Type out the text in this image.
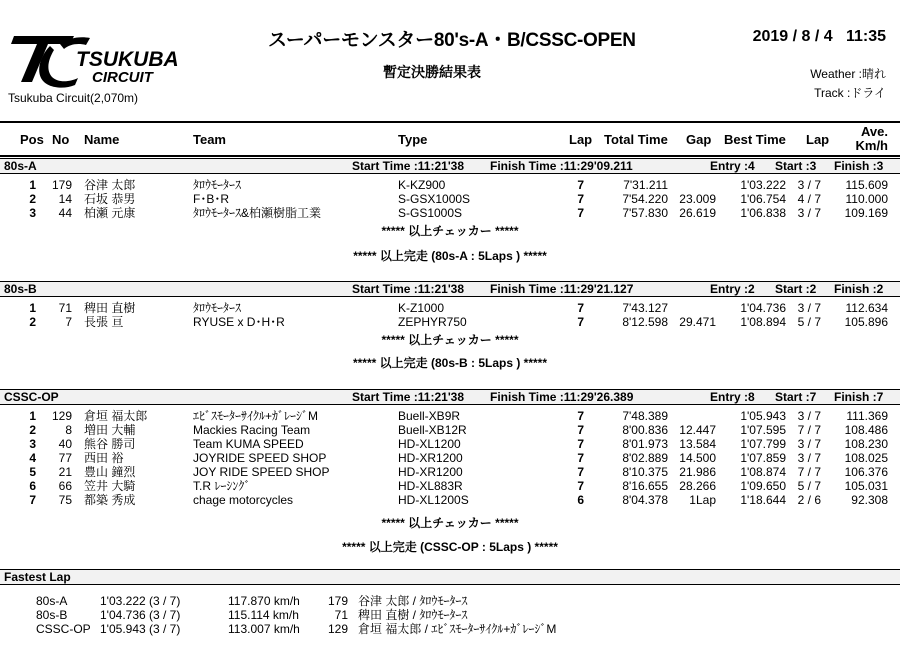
TSUKUBA
CIRCUIT
Tsukuba Circuit(2,070m)
スーパーモンスター80's-A・B/CSSC-OPEN
暫定決勝結果表
2019 / 8 / 4   11:35
Weather :晴れ
Track :ドライ
Pos No Name	Team	Type	Lap Total Time Gap Best Time Lap
Ave.
Km/h
80s-A	Start Time :11:21'38 Finish Time :11:29'09.211	Entry :4 Start :3 Finish :3
1	179 谷津 太郎	ﾀﾛｳﾓｰﾀｰｽ	K-KZ900	7	7'31.211	1'03.222 3 / 7	115.609
2	14 石坂 恭男	F･B･R	S-GSX1000S	7	7'54.220 23.009	1'06.754 4 / 7	110.000
3	44 柏瀬 元康	ﾀﾛｳﾓｰﾀｰｽ&柏瀬樹脂工業	S-GS1000S	7	7'57.830 26.619	1'06.838 3 / 7	109.169
***** 以上チェッカー *****
***** 以上完走 (80s-A : 5Laps ) *****
80s-B	Start Time :11:21'38 Finish Time :11:29'21.127	Entry :2 Start :2 Finish :2
1	71 稗田 直樹	ﾀﾛｳﾓｰﾀｰｽ	K-Z1000	7	7'43.127	1'04.736 3 / 7	112.634
2	7 長張 亘	RYUSE x D･H･R	ZEPHYR750	7	8'12.598 29.471	1'08.894 5 / 7	105.896
***** 以上チェッカー *****
***** 以上完走 (80s-B : 5Laps ) *****
CSSC-OP	Start Time :11:21'38 Finish Time :11:29'26.389	Entry :8 Start :7 Finish :7
1	129 倉垣 福太郎	ｴﾋﾞｽﾓｰﾀｰｻｲｸﾙ+ｶﾞﾚｰｼﾞM	Buell-XB9R	7	7'48.389	1'05.943 3 / 7	111.369
2	8 増田 大輔	Mackies Racing Team	Buell-XB12R	7	8'00.836 12.447	1'07.595 7 / 7	108.486
3	40 熊谷 勝司	Team KUMA SPEED	HD-XL1200	7	8'01.973 13.584	1'07.799 3 / 7	108.230
4	77 西田 裕	JOYRIDE SPEED SHOP	HD-XR1200	7	8'02.889 14.500	1'07.859 3 / 7	108.025
5	21 豊山 鐘烈	JOY RIDE SPEED SHOP	HD-XR1200	7	8'10.375 21.986	1'08.874 7 / 7	106.376
6	66 笠井 大騎	T.R ﾚｰｼﾝｸﾞ	HD-XL883R	7	8'16.655 28.266	1'09.650 5 / 7	105.031
7	75 都築 秀成	chage motorcycles	HD-XL1200S	6	8'04.378	1Lap	1'18.644 2 / 6	92.308
***** 以上チェッカー *****
***** 以上完走 (CSSC-OP : 5Laps ) *****
Fastest Lap
80s-A	1'03.222 (3 / 7)	117.870 km/h	179 谷津 太郎 / ﾀﾛｳﾓｰﾀｰｽ
80s-B	1'04.736 (3 / 7)	115.114 km/h	71 稗田 直樹 / ﾀﾛｳﾓｰﾀｰｽ
CSSC-OP 1'05.943 (3 / 7)	113.007 km/h	129 倉垣 福太郎 / ｴﾋﾞｽﾓｰﾀｰｻｲｸﾙ+ｶﾞﾚｰｼﾞM
